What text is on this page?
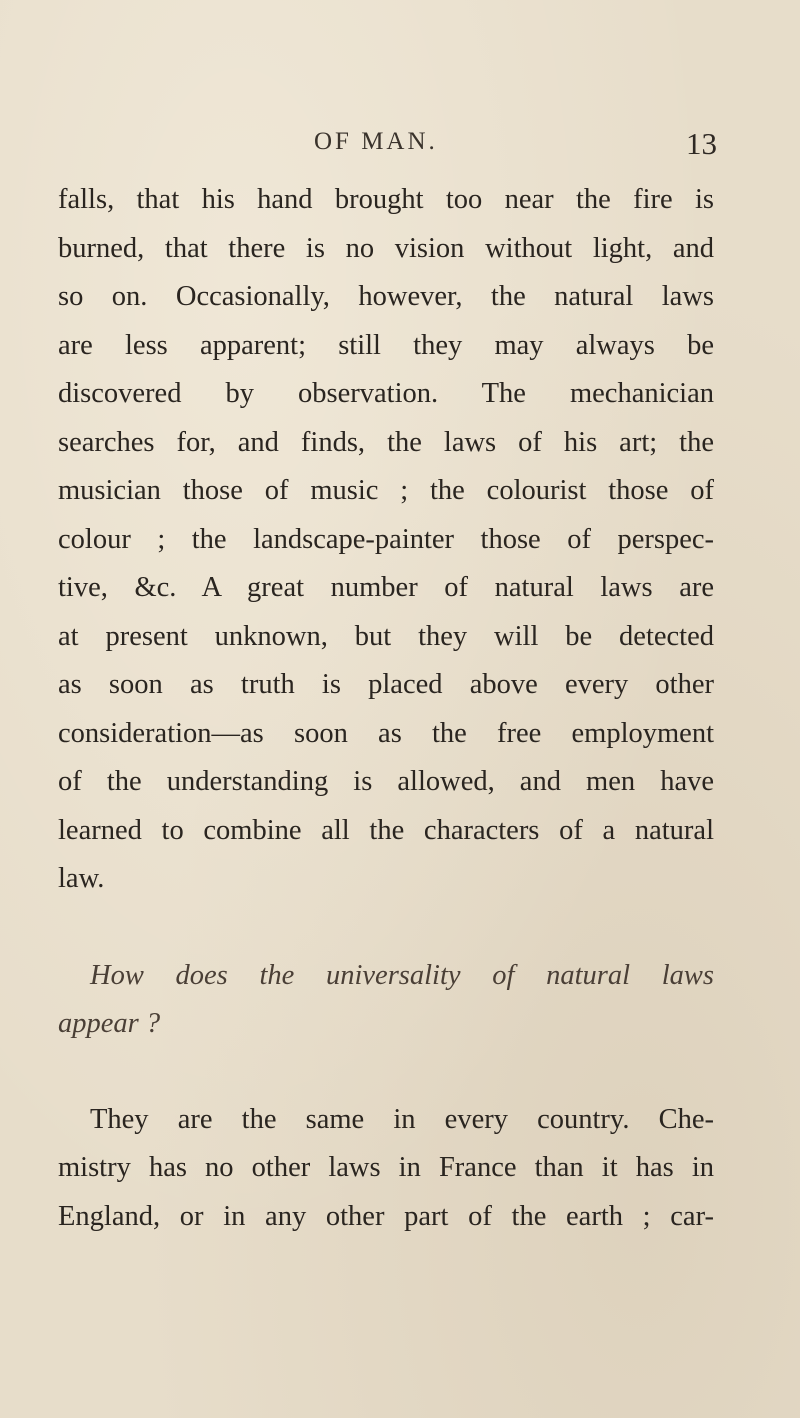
OF MAN.	13

falls, that his hand brought too near the fire is
burned, that there is no vision without light, and
so on. Occasionally, however, the natural laws
are less apparent; still they may always be
discovered by observation. The mechanician
searches for, and finds, the laws of his art; the
musician those of music ; the colourist those of
colour ; the landscape-painter those of perspec-
tive, &c. A great number of natural laws are
at present unknown, but they will be detected
as soon as truth is placed above every other
consideration—as soon as the free employment
of the understanding is allowed, and men have
learned to combine all the characters of a natural
law.

How does the universality of natural laws
appear ?

They are the same in every country. Che-
mistry has no other laws in France than it has in
England, or in any other part of the earth ; car-
